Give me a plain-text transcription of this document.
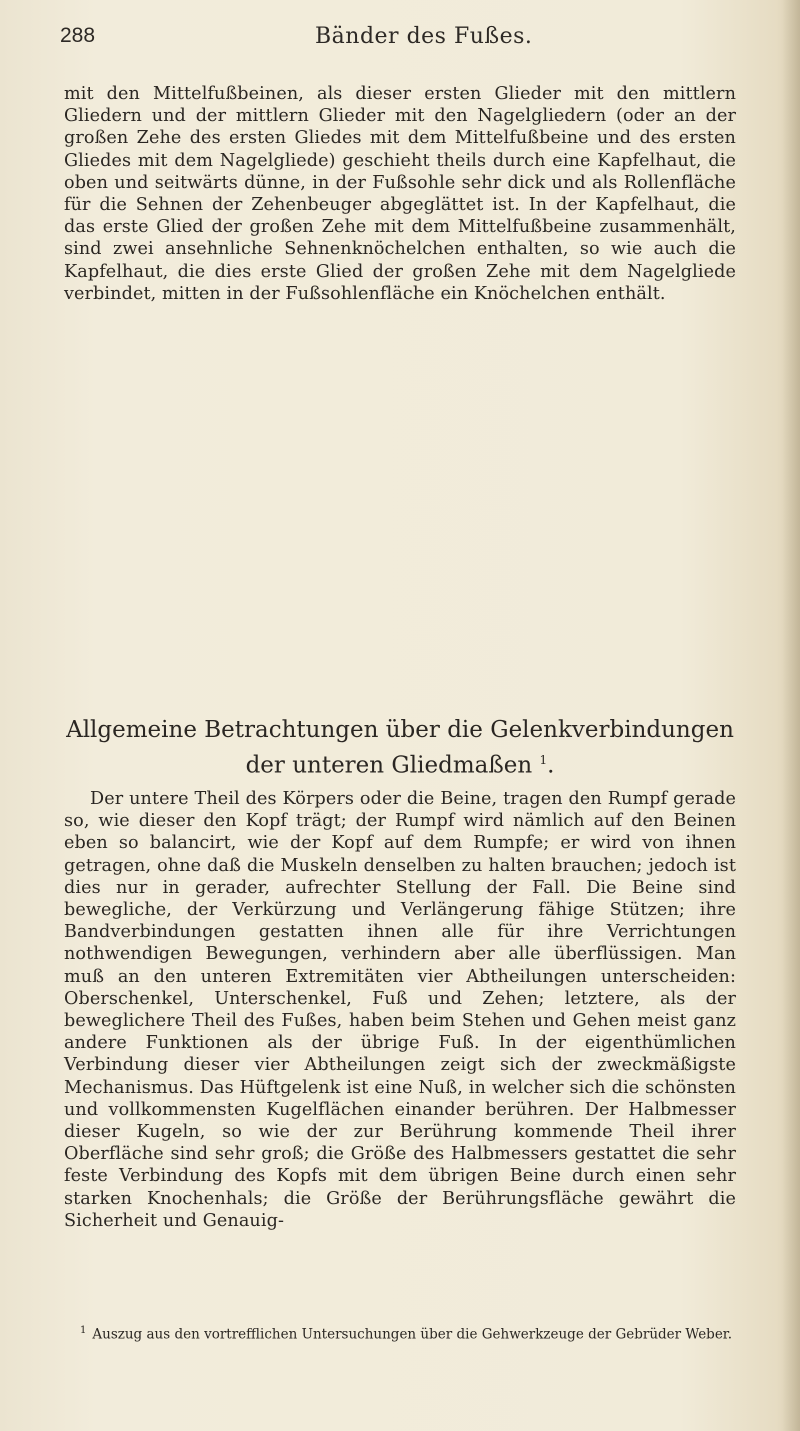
288	Bänder des Fußes.

mit den Mittelfußbeinen, als dieser ersten Glieder mit den mittlern Gliedern und der mittlern Glieder mit den Nagelgliedern (oder an der großen Zehe des ersten Gliedes mit dem Mittelfußbeine und des ersten Gliedes mit dem Nagelgliede) geschieht theils durch eine Kapfelhaut, die oben und seitwärts dünne, in der Fußsohle sehr dick und als Rollenfläche für die Sehnen der Zehenbeuger abgeglättet ist. In der Kapfelhaut, die das erste Glied der großen Zehe mit dem Mittelfußbeine zusammenhält, sind zwei ansehnliche Sehnenknöchelchen enthalten, so wie auch die Kapfelhaut, die dies erste Glied der großen Zehe mit dem Nagelgliede verbindet, mitten in der Fußsohlenfläche ein Knöchelchen enthält.

Allgemeine Betrachtungen über die Gelenkverbindungen
der unteren Gliedmaßen $^1$.

Der untere Theil des Körpers oder die Beine, tragen den Rumpf gerade so, wie dieser den Kopf trägt; der Rumpf wird nämlich auf den Beinen eben so balancirt, wie der Kopf auf dem Rumpfe; er wird von ihnen getragen, ohne daß die Muskeln denselben zu halten brauchen; jedoch ist dies nur in gerader, aufrechter Stellung der Fall. Die Beine sind bewegliche, der Verkürzung und Verlängerung fähige Stützen; ihre Bandverbindungen gestatten ihnen alle für ihre Verrichtungen nothwendigen Bewegungen, verhindern aber alle überflüssigen. Man muß an den unteren Extremitäten vier Abtheilungen unterscheiden: Oberschenkel, Unterschenkel, Fuß und Zehen; letztere, als der beweglichere Theil des Fußes, haben beim Stehen und Gehen meist ganz andere Funktionen als der übrige Fuß. In der eigenthümlichen Verbindung dieser vier Abtheilungen zeigt sich der zweckmäßigste Mechanismus. Das Hüftgelenk ist eine Nuß, in welcher sich die schönsten und vollkommensten Kugelflächen einander berühren. Der Halbmesser dieser Kugeln, so wie der zur Berührung kommende Theil ihrer Oberfläche sind sehr groß; die Größe des Halbmessers gestattet die sehr feste Verbindung des Kopfs mit dem übrigen Beine durch einen sehr starken Knochenhals; die Größe der Berührungsfläche gewährt die Sicherheit und Genauig-

$^1$ Auszug aus den vortrefflichen Untersuchungen über die Gehwerkzeuge der Gebrüder Weber.
